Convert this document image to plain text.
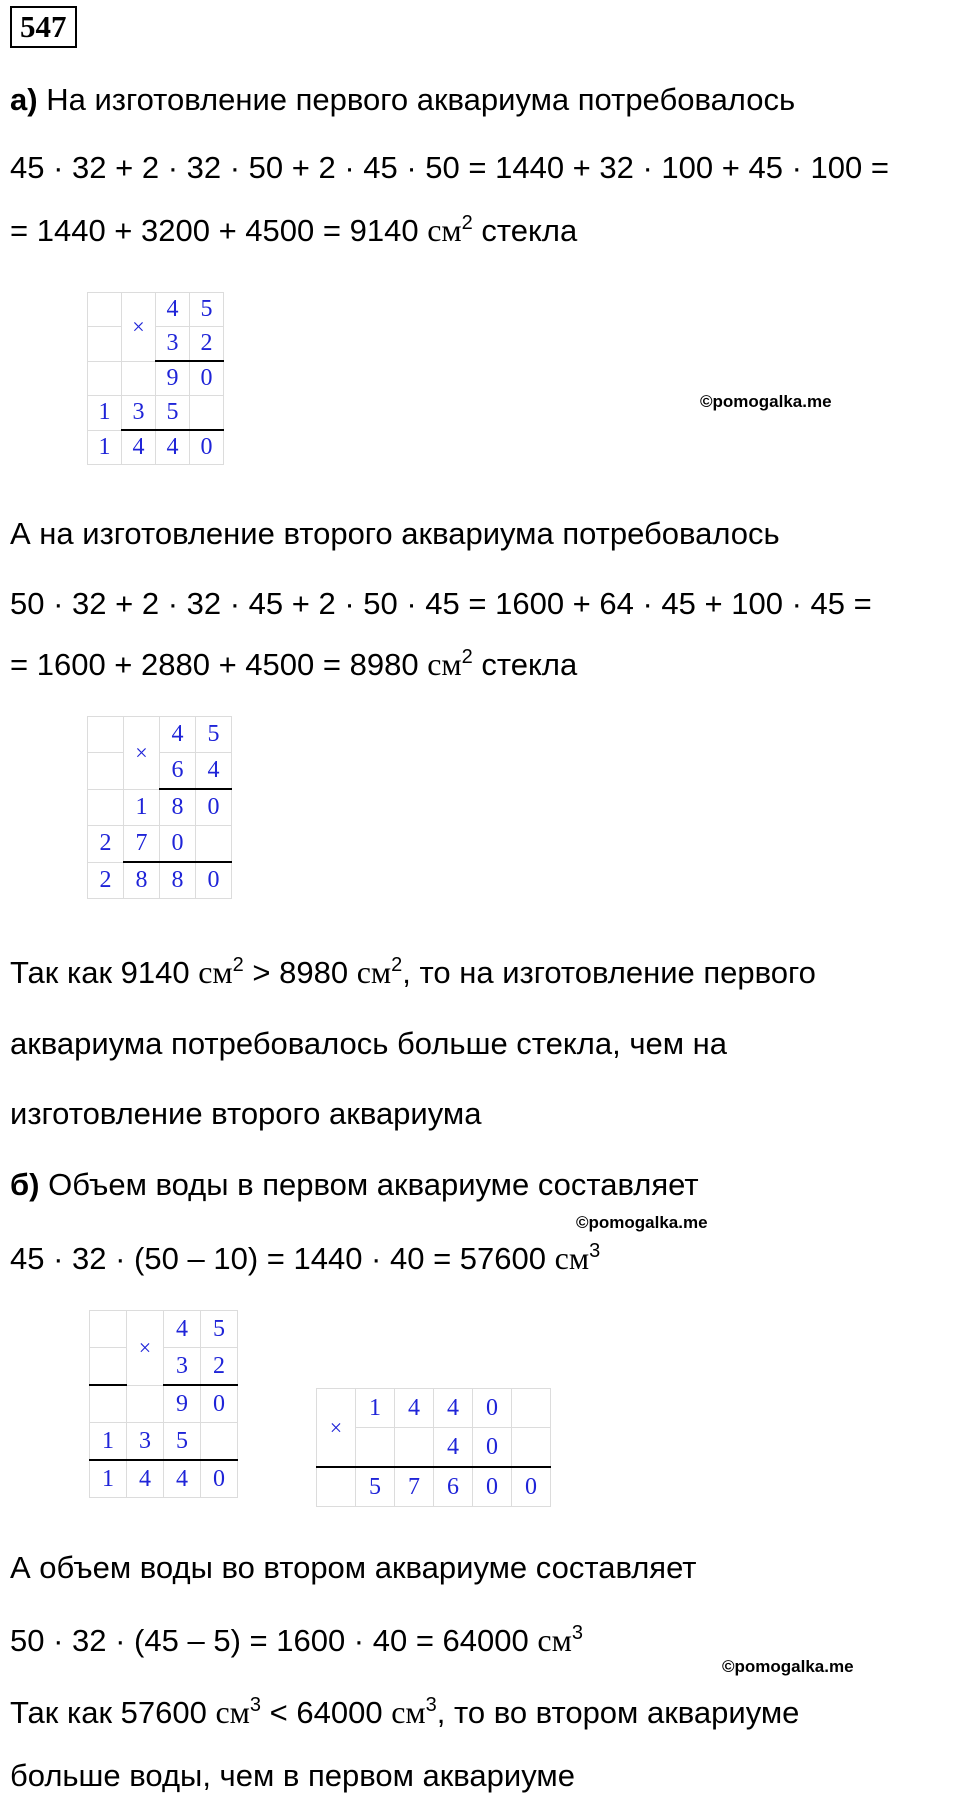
547
а) На изготовление первого аквариума потребовалось
45 · 32 + 2 · 32 · 50 + 2 · 45 · 50 = 1440 + 32 · 100 + 45 · 100 =
= 1440 + 3200 + 4500 = 9140 $см^2$ стекла
	×	4	5
		3	2
		9	0
1	3	5	
1	4	4	0
©pomogalka.me
А на изготовление второго аквариума потребовалось
50 · 32 + 2 · 32 · 45 + 2 · 50 · 45 = 1600 + 64 · 45 + 100 · 45 =
= 1600 + 2880 + 4500 = 8980 $см^2$ стекла
	×	4	5
		6	4
	1	8	0
2	7	0	
2	8	8	0
Так как 9140 $см^2 > 8980$ $см^2$, то на изготовление первого
аквариума потребовалось больше стекла, чем на
изготовление второго аквариума
б) Объем воды в первом аквариуме составляет
©pomogalka.me
45 · 32 · (50 – 10) = 1440 · 40 = 57600 $см^3$
	×	4	5
		3	2
		9	0
1	3	5	
1	4	4	0
×	1	4	4	0	
			4	0	
	5	7	6	0	0
А объем воды во втором аквариуме составляет
50 · 32 · (45 – 5) = 1600 · 40 = 64000 $см^3$
©pomogalka.me
Так как 57600 $см^3 < 64000$ $см^3$, то во втором аквариуме
больше воды, чем в первом аквариуме
